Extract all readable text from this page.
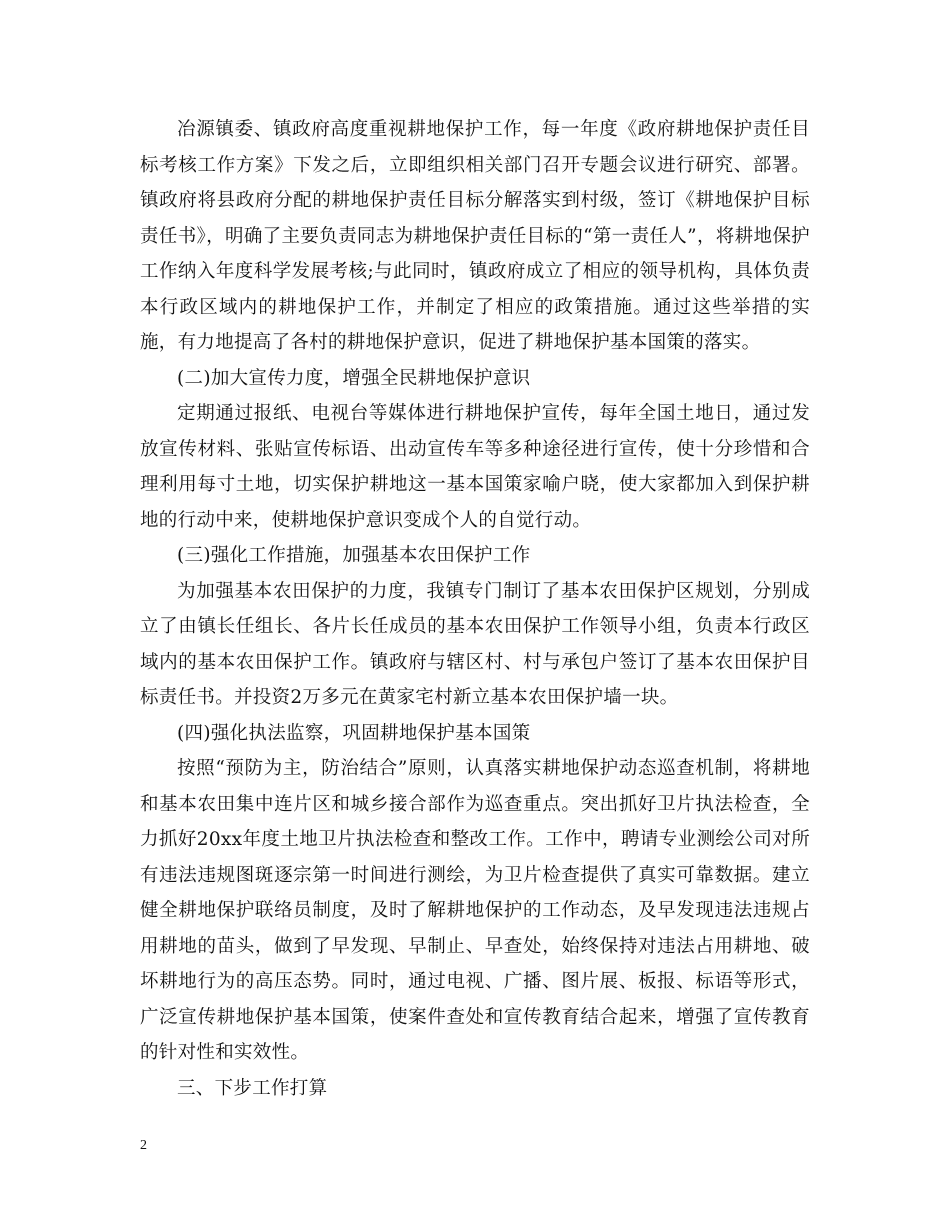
冶源镇委、镇政府高度重视耕地保护工作，每一年度《政府耕地保护责任目标考核工作方案》下发之后，立即组织相关部门召开专题会议进行研究、部署。镇政府将县政府分配的耕地保护责任目标分解落实到村级，签订《耕地保护目标责任书》，明确了主要负责同志为耕地保护责任目标的“第一责任人”，将耕地保护工作纳入年度科学发展考核;与此同时，镇政府成立了相应的领导机构，具体负责本行政区域内的耕地保护工作，并制定了相应的政策措施。通过这些举措的实施，有力地提高了各村的耕地保护意识，促进了耕地保护基本国策的落实。

(二)加大宣传力度，增强全民耕地保护意识

定期通过报纸、电视台等媒体进行耕地保护宣传，每年全国土地日，通过发放宣传材料、张贴宣传标语、出动宣传车等多种途径进行宣传，使十分珍惜和合理利用每寸土地，切实保护耕地这一基本国策家喻户晓，使大家都加入到保护耕地的行动中来，使耕地保护意识变成个人的自觉行动。

(三)强化工作措施，加强基本农田保护工作

为加强基本农田保护的力度，我镇专门制订了基本农田保护区规划，分别成立了由镇长任组长、各片长任成员的基本农田保护工作领导小组，负责本行政区域内的基本农田保护工作。镇政府与辖区村、村与承包户签订了基本农田保护目标责任书。并投资2万多元在黄家宅村新立基本农田保护墙一块。

(四)强化执法监察，巩固耕地保护基本国策

按照“预防为主，防治结合”原则，认真落实耕地保护动态巡查机制，将耕地和基本农田集中连片区和城乡接合部作为巡查重点。突出抓好卫片执法检查，全力抓好20xx年度土地卫片执法检查和整改工作。工作中，聘请专业测绘公司对所有违法违规图斑逐宗第一时间进行测绘，为卫片检查提供了真实可靠数据。建立健全耕地保护联络员制度，及时了解耕地保护的工作动态，及早发现违法违规占用耕地的苗头，做到了早发现、早制止、早查处，始终保持对违法占用耕地、破坏耕地行为的高压态势。同时，通过电视、广播、图片展、板报、标语等形式，广泛宣传耕地保护基本国策，使案件查处和宣传教育结合起来，增强了宣传教育的针对性和实效性。

三、下步工作打算

2
